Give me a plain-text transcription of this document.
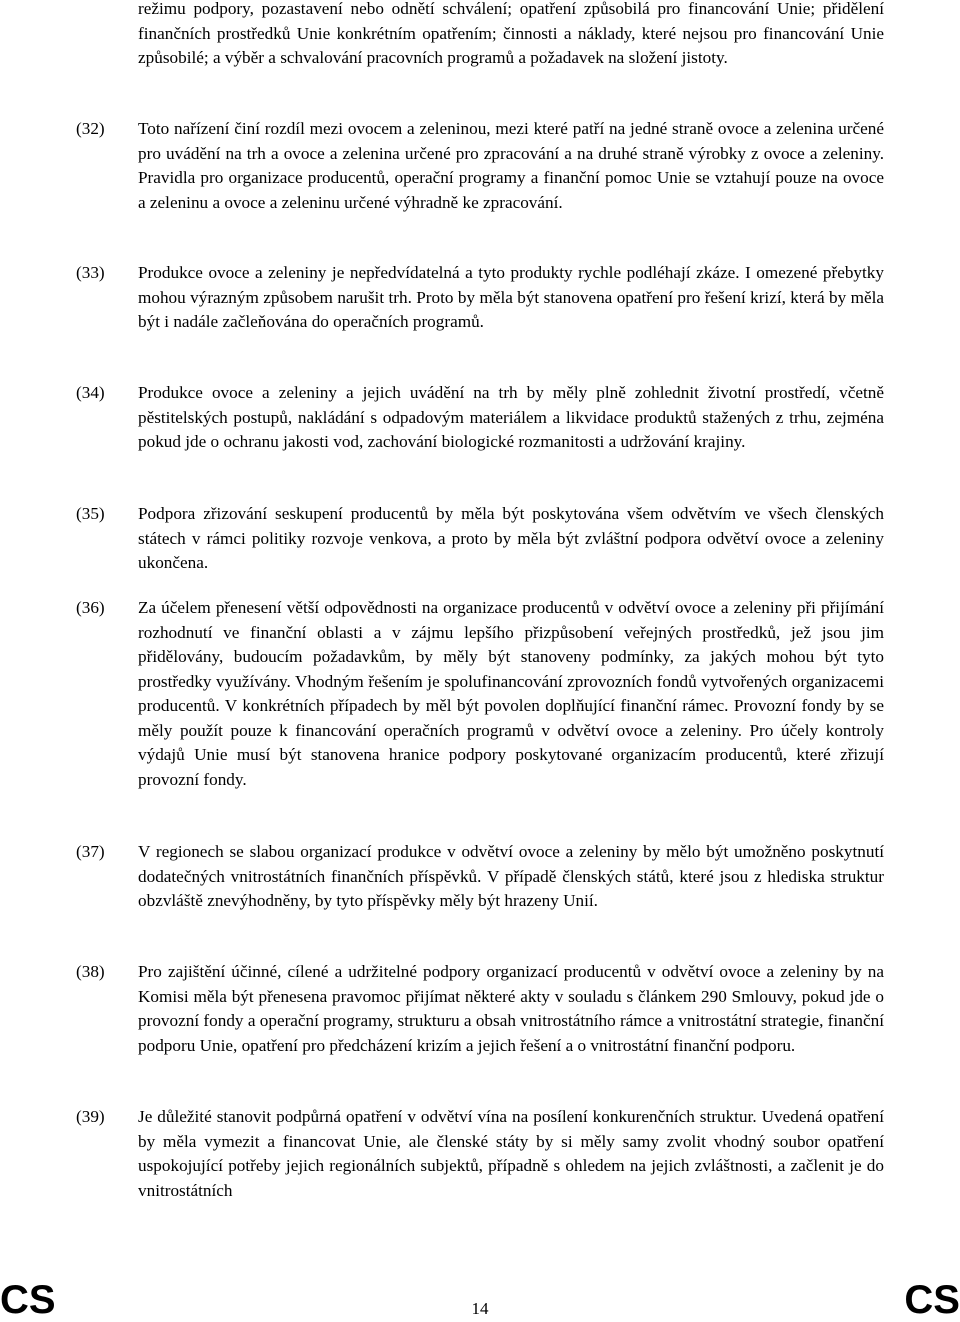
režimu podpory, pozastavení nebo odnětí schválení; opatření způsobilá pro financování Unie; přidělení finančních prostředků Unie konkrétním opatřením; činnosti a náklady, které nejsou pro financování Unie způsobilé; a výběr a schvalování pracovních programů a požadavek na složení jistoty.
(32) Toto nařízení činí rozdíl mezi ovocem a zeleninou, mezi které patří na jedné straně ovoce a zelenina určené pro uvádění na trh a ovoce a zelenina určené pro zpracování a na druhé straně výrobky z ovoce a zeleniny. Pravidla pro organizace producentů, operační programy a finanční pomoc Unie se vztahují pouze na ovoce a zeleninu a ovoce a zeleninu určené výhradně ke zpracování.
(33) Produkce ovoce a zeleniny je nepředvídatelná a tyto produkty rychle podléhají zkáze. I omezené přebytky mohou výrazným způsobem narušit trh. Proto by měla být stanovena opatření pro řešení krizí, která by měla být i nadále začleňována do operačních programů.
(34) Produkce ovoce a zeleniny a jejich uvádění na trh by měly plně zohlednit životní prostředí, včetně pěstitelských postupů, nakládání s odpadovým materiálem a likvidace produktů stažených z trhu, zejména pokud jde o ochranu jakosti vod, zachování biologické rozmanitosti a udržování krajiny.
(35) Podpora zřizování seskupení producentů by měla být poskytována všem odvětvím ve všech členských státech v rámci politiky rozvoje venkova, a proto by měla být zvláštní podpora odvětví ovoce a zeleniny ukončena.
(36) Za účelem přenesení větší odpovědnosti na organizace producentů v odvětví ovoce a zeleniny při přijímání rozhodnutí ve finanční oblasti a v zájmu lepšího přizpůsobení veřejných prostředků, jež jsou jim přidělovány, budoucím požadavkům, by měly být stanoveny podmínky, za jakých mohou být tyto prostředky využívány. Vhodným řešením je spolufinancování zprovozních fondů vytvořených organizacemi producentů. V konkrétních případech by měl být povolen doplňující finanční rámec. Provozní fondy by se měly použít pouze k financování operačních programů v odvětví ovoce a zeleniny. Pro účely kontroly výdajů Unie musí být stanovena hranice podpory poskytované organizacím producentů, které zřizují provozní fondy.
(37) V regionech se slabou organizací produkce v odvětví ovoce a zeleniny by mělo být umožněno poskytnutí dodatečných vnitrostátních finančních příspěvků. V případě členských států, které jsou z hlediska struktur obzvláště znevýhodněny, by tyto příspěvky měly být hrazeny Unií.
(38) Pro zajištění účinné, cílené a udržitelné podpory organizací producentů v odvětví ovoce a zeleniny by na Komisi měla být přenesena pravomoc přijímat některé akty v souladu s článkem 290 Smlouvy, pokud jde o provozní fondy a operační programy, strukturu a obsah vnitrostátního rámce a vnitrostátní strategie, finanční podporu Unie, opatření pro předcházení krizím a jejich řešení a o vnitrostátní finanční podporu.
(39) Je důležité stanovit podpůrná opatření v odvětví vína na posílení konkurenčních struktur. Uvedená opatření by měla vymezit a financovat Unie, ale členské státy by si měly samy zvolit vhodný soubor opatření uspokojující potřeby jejich regionálních subjektů, případně s ohledem na jejich zvláštnosti, a začlenit je do vnitrostátních
CS	14	CS
